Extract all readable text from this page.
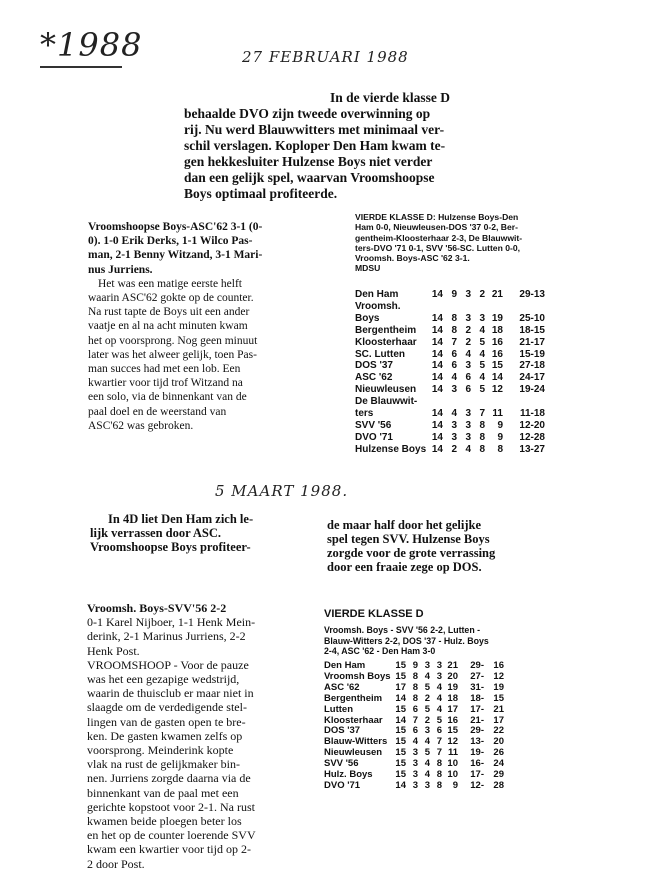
*1988	27 FEBRUARI 1988
In de vierde klasse D
behaalde DVO zijn tweede overwinning op
rij. Nu werd Blauwwitters met minimaal ver-
schil verslagen. Koploper Den Ham kwam te-
gen hekkesluiter Hulzense Boys niet verder
dan een gelijk spel, waarvan Vroomshoopse
Boys optimaal profiteerde.
Vroomshoopse Boys-ASC'62 3-1 (0-
0). 1-0 Erik Derks, 1-1 Wilco Pas-
man, 2-1 Benny Witzand, 3-1 Mari-
nus Jurriens.
Het was een matige eerste helft
waarin ASC'62 gokte op de counter.
Na rust tapte de Boys uit een ander
vaatje en al na acht minuten kwam
het op voorsprong. Nog geen minuut
later was het alweer gelijk, toen Pas-
man succes had met een lob. Een
kwartier voor tijd trof Witzand na
een solo, via de binnenkant van de
paal doel en de weerstand van
ASC'62 was gebroken.
VIERDE KLASSE D: Hulzense Boys-Den
Ham 0-0, Nieuwleusen-DOS '37 0-2, Ber-
gentheim-Kloosterhaar 2-3, De Blauwwit-
ters-DVO '71 0-1, SVV '56-SC. Lutten 0-0,
Vroomsh. Boys-ASC '62 3-1.
MDSU
Den Ham	14	9	3	2	21	29-13
Vroomsh.						
Boys	14	8	3	3	19	25-10
Bergentheim	14	8	2	4	18	18-15
Kloosterhaar	14	7	2	5	16	21-17
SC. Lutten	14	6	4	4	16	15-19
DOS '37	14	6	3	5	15	27-18
ASC '62	14	4	6	4	14	24-17
Nieuwleusen	14	3	6	5	12	19-24
De Blauwwit-						
ters	14	4	3	7	11	11-18
SVV '56	14	3	3	8	9	12-20
DVO '71	14	3	3	8	9	12-28
Hulzense Boys	14	2	4	8	8	13-27
5 MAART 1988.
In 4D liet Den Ham zich le-
lijk verrassen door ASC.
Vroomshoopse Boys profiteer-
de maar half door het gelijke
spel tegen SVV. Hulzense Boys
zorgde voor de grote verrassing
door een fraaie zege op DOS.
Vroomsh. Boys-SVV'56 2-2
0-1 Karel Nijboer, 1-1 Henk Mein-
derink, 2-1 Marinus Jurriens, 2-2
Henk Post.
VROOMSHOOP - Voor de pauze
was het een gezapige wedstrijd,
waarin de thuisclub er maar niet in
slaagde om de verdedigende stel-
lingen van de gasten open te bre-
ken. De gasten kwamen zelfs op
voorsprong. Meinderink kopte
vlak na rust de gelijkmaker bin-
nen. Jurriens zorgde daarna via de
binnenkant van de paal met een
gerichte kopstoot voor 2-1. Na rust
kwamen beide ploegen beter los
en het op de counter loerende SVV
kwam een kwartier voor tijd op 2-
2 door Post.
VIERDE KLASSE D
Vroomsh. Boys - SVV '56 2-2, Lutten -
Blauw-Witters 2-2, DOS '37 - Hulz. Boys
2-4, ASC '62 - Den Ham 3-0
Den Ham	15	9	3	3	21	29-	16
Vroomsh Boys	15	8	4	3	20	27-	12
ASC '62	17	8	5	4	19	31-	19
Bergentheim	14	8	2	4	18	18-	15
Lutten	15	6	5	4	17	17-	21
Kloosterhaar	14	7	2	5	16	21-	17
DOS '37	15	6	3	6	15	29-	22
Blauw-Witters	15	4	4	7	12	13-	20
Nieuwleusen	15	3	5	7	11	19-	26
SVV '56	15	3	4	8	10	16-	24
Hulz. Boys	15	3	4	8	10	17-	29
DVO '71	14	3	3	8	9	12-	28
